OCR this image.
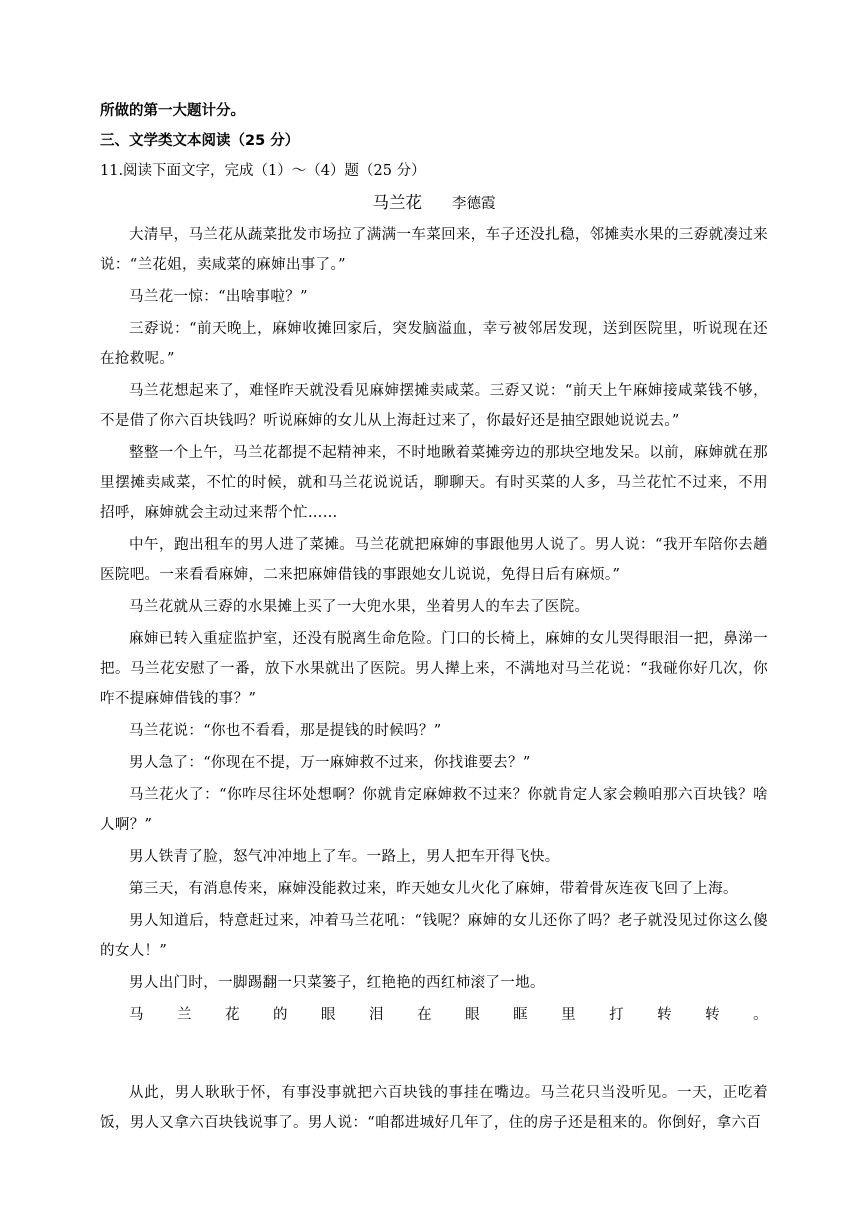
所做的第一大题计分。
三、文学类文本阅读（25 分）
11.阅读下面文字，完成（1）～（4）题（25 分）
马兰花 李德霞

大清早，马兰花从蔬菜批发市场拉了满满一车菜回来，车子还没扎稳，邻摊卖水果的三孬就凑过来说：“兰花姐，卖咸菜的麻婶出事了。”

马兰花一惊：“出啥事啦？”

三孬说：“前天晚上，麻婶收摊回家后，突发脑溢血，幸亏被邻居发现，送到医院里，听说现在还在抢救呢。”

马兰花想起来了，难怪昨天就没看见麻婶摆摊卖咸菜。三孬又说：“前天上午麻婶接咸菜钱不够，不是借了你六百块钱吗？听说麻婶的女儿从上海赶过来了，你最好还是抽空跟她说说去。”

整整一个上午，马兰花都提不起精神来，不时地瞅着菜摊旁边的那块空地发呆。以前，麻婶就在那里摆摊卖咸菜，不忙的时候，就和马兰花说说话，聊聊天。有时买菜的人多，马兰花忙不过来，不用招呼，麻婶就会主动过来帮个忙……

中午，跑出租车的男人进了菜摊。马兰花就把麻婶的事跟他男人说了。男人说：“我开车陪你去趟医院吧。一来看看麻婶，二来把麻婶借钱的事跟她女儿说说，免得日后有麻烦。”

马兰花就从三孬的水果摊上买了一大兜水果，坐着男人的车去了医院。

麻婶已转入重症监护室，还没有脱离生命危险。门口的长椅上，麻婶的女儿哭得眼泪一把，鼻涕一把。马兰花安慰了一番，放下水果就出了医院。男人撵上来，不满地对马兰花说：“我碰你好几次，你咋不提麻婶借钱的事？”

马兰花说：“你也不看看，那是提钱的时候吗？”

男人急了：“你现在不提，万一麻婶救不过来，你找谁要去？”

马兰花火了：“你咋尽往坏处想啊？你就肯定麻婶救不过来？你就肯定人家会赖咱那六百块钱？啥人啊？”

男人铁青了脸，怒气冲冲地上了车。一路上，男人把车开得飞快。

第三天，有消息传来，麻婶没能救过来，昨天她女儿火化了麻婶，带着骨灰连夜飞回了上海。

男人知道后，特意赶过来，冲着马兰花吼：“钱呢？麻婶的女儿还你了吗？老子就没见过你这么傻的女人！”

男人出门时，一脚踢翻一只菜篓子，红艳艳的西红柿滚了一地。

马兰花的眼泪在眼眶里打转转。

从此，男人耿耿于怀，有事没事就把六百块钱的事挂在嘴边。马兰花只当没听见。一天，正吃着饭，男人又拿六百块钱说事了。男人说：“咱都进城好几年了，住的房子还是租来的。你倒好，拿六百
